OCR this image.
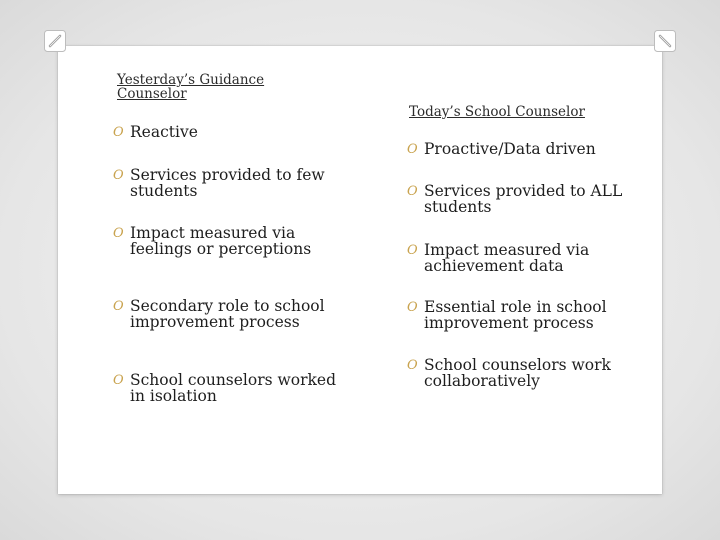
Yesterday’s Guidance Counselor
Today’s School Counselor
O Reactive
O Services provided to few students
O Impact measured via feelings or perceptions
O Secondary role to school improvement process
O School counselors worked in isolation
O Proactive/Data driven
O Services provided to ALL students
O Impact measured via achievement data
O Essential role in school improvement process
O School counselors work collaboratively
